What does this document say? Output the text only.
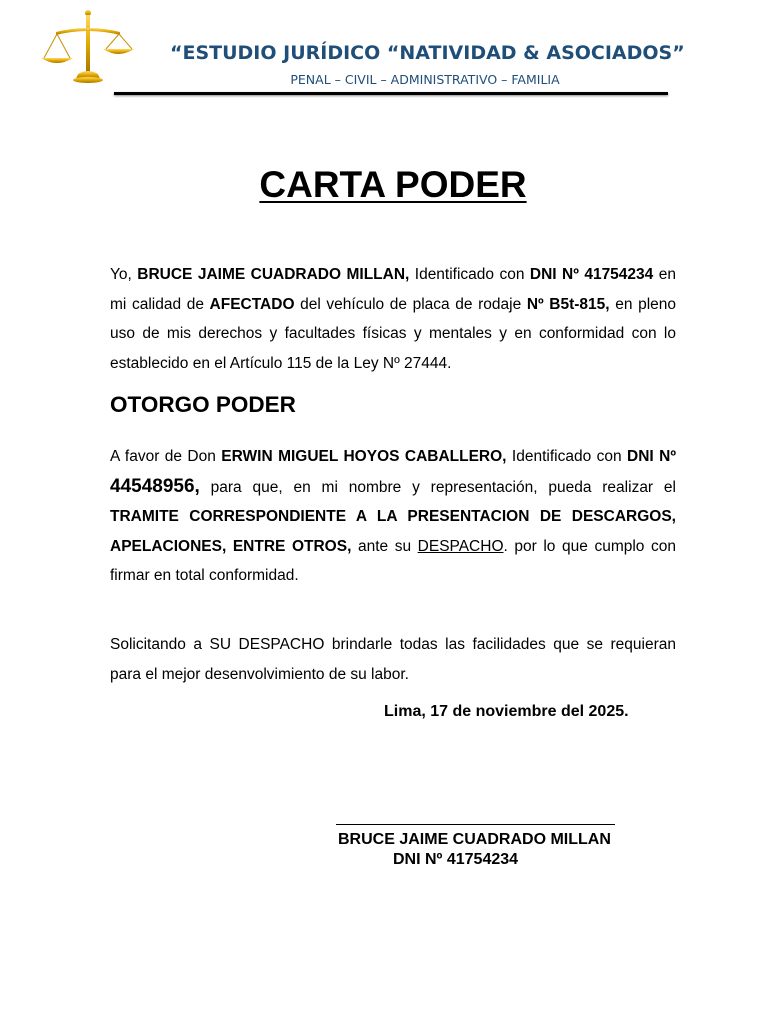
“ESTUDIO JURÍDICO “NATIVIDAD & ASOCIADOS”
PENAL – CIVIL – ADMINISTRATIVO – FAMILIA
CARTA PODER
Yo, BRUCE JAIME CUADRADO MILLAN, Identificado con DNI Nº 41754234 en mi calidad de AFECTADO del vehículo de placa de rodaje Nº B5t-815, en pleno uso de mis derechos y facultades físicas y mentales y en conformidad con lo establecido en el Artículo 115 de la Ley Nº 27444.
OTORGO PODER
A favor de Don ERWIN MIGUEL HOYOS CABALLERO, Identificado con DNI Nº 44548956, para que, en mi nombre y representación, pueda realizar el TRAMITE CORRESPONDIENTE A LA PRESENTACION DE DESCARGOS, APELACIONES, ENTRE OTROS, ante su DESPACHO. por lo que cumplo con firmar en total conformidad.
Solicitando a SU DESPACHO brindarle todas las facilidades que se requieran para el mejor desenvolvimiento de su labor.
Lima, 17 de noviembre del 2025.
BRUCE JAIME CUADRADO MILLAN
DNI Nº 41754234
